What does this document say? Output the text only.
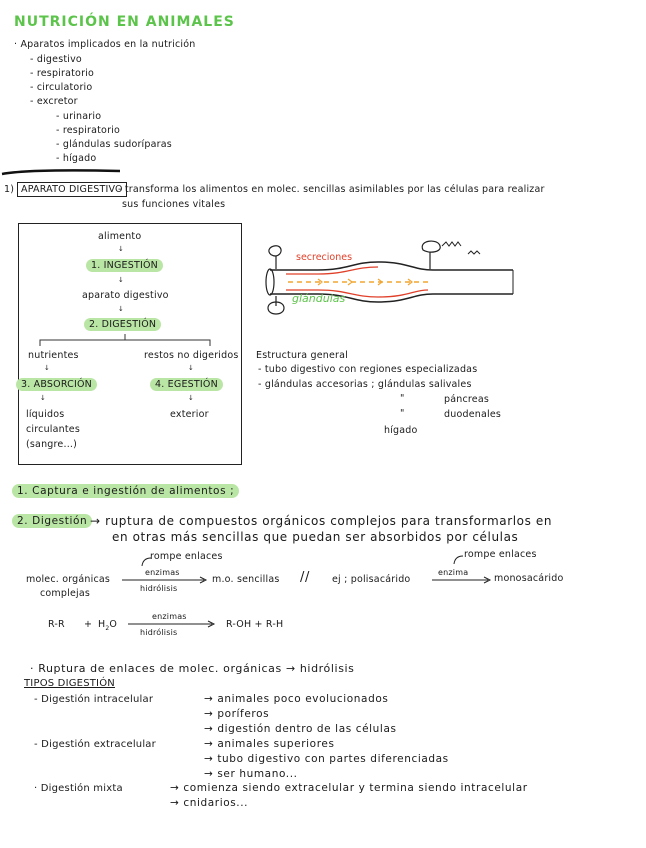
NUTRICIÓN EN ANIMALES
· Aparatos implicados en la nutrición
- digestivo
- respiratorio
- circulatorio
- excretor
- urinario
- respiratorio
- glándulas sudoríparas
- hígado
1) APARATO DIGESTIVO
- transforma los alimentos en molec. sencillas asimilables por las células para realizar
sus funciones vitales
alimento
↓
1. INGESTIÓN
↓
aparato digestivo
↓
2. DIGESTIÓN
nutrientes	restos no digeridos
↓	↓
3. ABSORCIÓN	4. EGESTIÓN
↓	↓
líquidos	exterior
circulantes
(sangre...)
secreciones
glándulas
Estructura general
- tubo digestivo con regiones especializadas
- glándulas accesorias ; glándulas salivales
"	páncreas
"	duodenales
hígado
1. Captura e ingestión de alimentos ;
2. Digestión → ruptura de compuestos orgánicos complejos para transformarlos en
en otras más sencillas que puedan ser absorbidos por células
rompe enlaces
molec. orgánicas
complejas
enzimas
hidrólisis
m.o. sencillas // ej ; polisacárido
rompe enlaces
enzima
→ monosacárido
$R-R + H_2O$
enzimas
hidrólisis
R-OH + R-H
· Ruptura de enlaces de molec. orgánicas → hidrólisis
TIPOS DIGESTIÓN
- Digestión intracelular	→ animales poco evolucionados
→ poríferos
→ digestión dentro de las células
- Digestión extracelular	→ animales superiores
→ tubo digestivo con partes diferenciadas
→ ser humano...
· Digestión mixta	→ comienza siendo extracelular y termina siendo intracelular
→ cnidarios...
